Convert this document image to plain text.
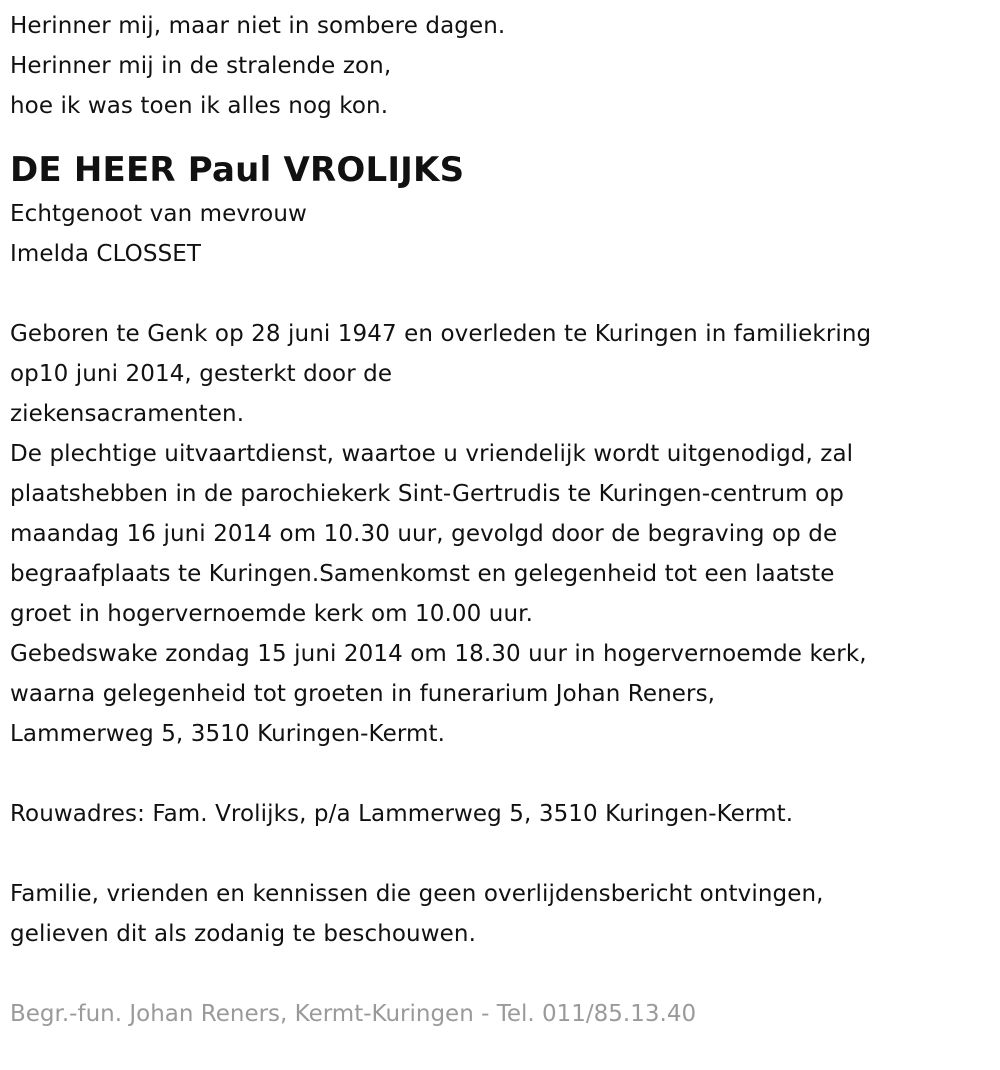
Herinner mij, maar niet in sombere dagen.
Herinner mij in de stralende zon,
hoe ik was toen ik alles nog kon.
DE HEER Paul VROLIJKS
Echtgenoot van mevrouw
Imelda CLOSSET
Geboren te Genk op 28 juni 1947 en overleden te Kuringen in familiekring
op10 juni 2014, gesterkt door de
ziekensacramenten.
De plechtige uitvaartdienst, waartoe u vriendelijk wordt uitgenodigd, zal
plaatshebben in de parochiekerk Sint-Gertrudis te Kuringen-centrum op
maandag 16 juni 2014 om 10.30 uur, gevolgd door de begraving op de
begraafplaats te Kuringen.Samenkomst en gelegenheid tot een laatste
groet in hogervernoemde kerk om 10.00 uur.
Gebedswake zondag 15 juni 2014 om 18.30 uur in hogervernoemde kerk,
waarna gelegenheid tot groeten in funerarium Johan Reners,
Lammerweg 5, 3510 Kuringen-Kermt.
Rouwadres: Fam. Vrolijks, p/a Lammerweg 5, 3510 Kuringen-Kermt.
Familie, vrienden en kennissen die geen overlijdensbericht ontvingen,
gelieven dit als zodanig te beschouwen.
Begr.-fun. Johan Reners, Kermt-Kuringen - Tel. 011/85.13.40
